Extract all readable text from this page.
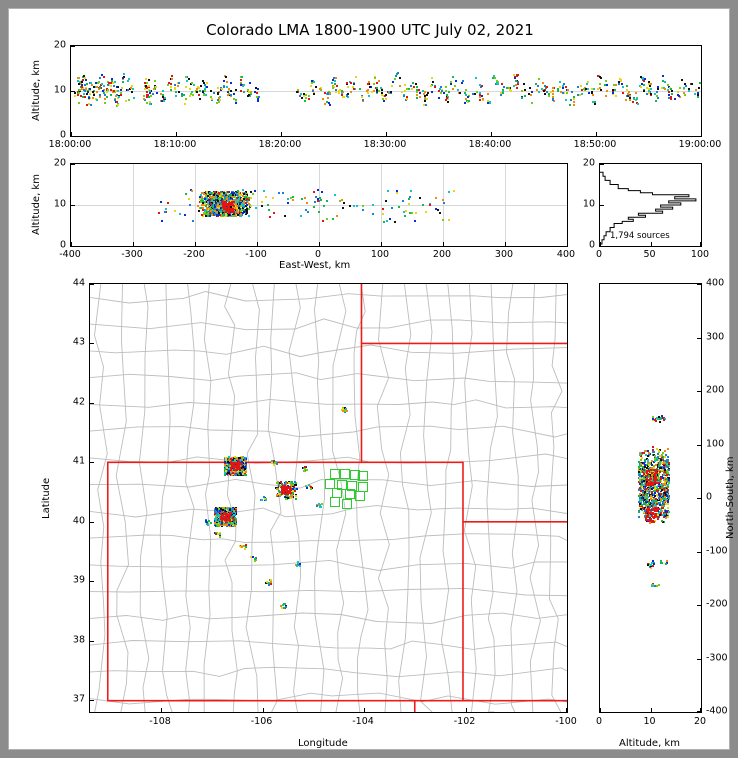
Colorado LMA 1800-1900 UTC July 02, 2021
18:00:00	18:10:00	18:20:00	18:30:00	18:40:00	18:50:00	19:00:00
0
10
20
Altitude, km
-400	-300	-200	-100	0	100	200	300	400
0
10
20
Altitude, km
East-West, km
1,794 sources
0	50	100
0
10
20
-108	-106	-104	-102	-100
37
38
39
40
41
42
43
44
Latitude
Longitude
0	10	20
-400
-300
-200
-100
0
100
200
300
400
North-South, km
Altitude, km
